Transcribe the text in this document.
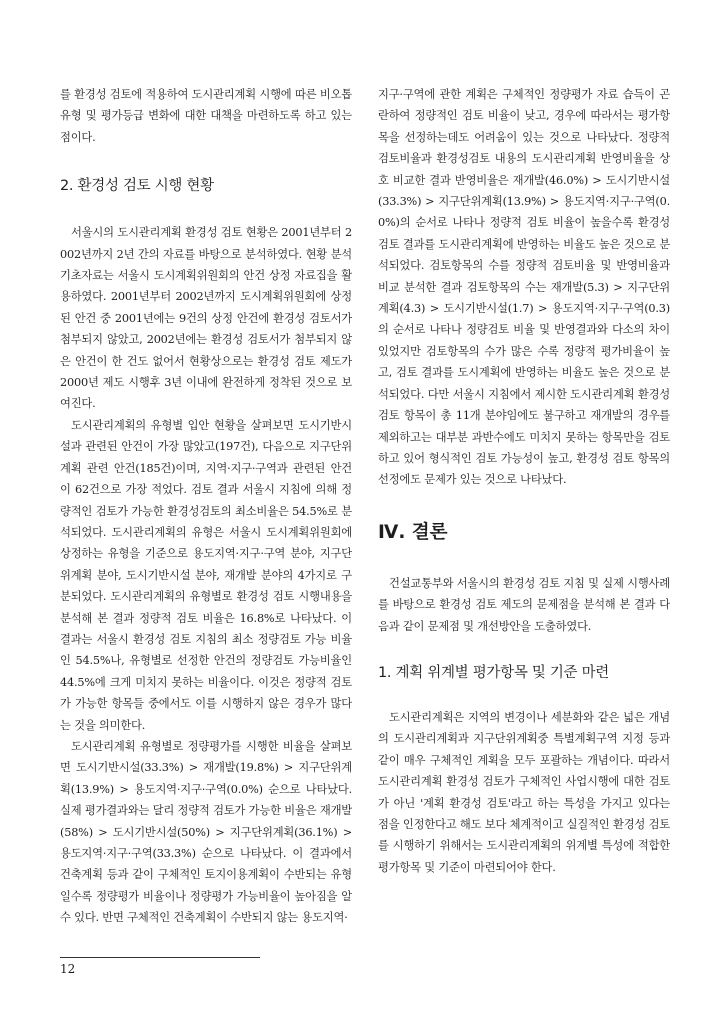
를 환경성 검토에 적용하여 도시관리계획 시행에 따른 비오톱 유형 및 평가등급 변화에 대한 대책을 마련하도록 하고 있는 점이다.

2. 환경성 검토 시행 현황

서울시의 도시관리계획 환경성 검토 현황은 2001년부터 2002년까지 2년 간의 자료를 바탕으로 분석하였다. 현황 분석 기초자료는 서울시 도시계획위원회의 안건 상정 자료집을 활용하였다. 2001년부터 2002년까지 도시계획위원회에 상정된 안건 중 2001년에는 9건의 상정 안건에 환경성 검토서가 첨부되지 않았고, 2002년에는 환경성 검토서가 첨부되지 않은 안건이 한 건도 없어서 현황상으로는 환경성 검토 제도가 2000년 제도 시행후 3년 이내에 완전하게 정착된 것으로 보여진다.

도시관리계획의 유형별 입안 현황을 살펴보면 도시기반시설과 관련된 안건이 가장 많았고(197건), 다음으로 지구단위계획 관련 안건(185건)이며, 지역·지구·구역과 관련된 안건이 62건으로 가장 적었다. 검토 결과 서울시 지침에 의해 정량적인 검토가 가능한 환경성검토의 최소비율은 54.5%로 분석되었다. 도시관리계획의 유형은 서울시 도시계획위원회에 상정하는 유형을 기준으로 용도지역·지구·구역 분야, 지구단위계획 분야, 도시기반시설 분야, 재개발 분야의 4가지로 구분되었다. 도시관리계획의 유형별로 환경성 검토 시행내용을 분석해 본 결과 정량적 검토 비율은 16.8%로 나타났다. 이 결과는 서울시 환경성 검토 지침의 최소 정량검토 가능 비율인 54.5%나, 유형별로 선정한 안건의 정량검토 가능비율인 44.5%에 크게 미치지 못하는 비율이다. 이것은 정량적 검토가 가능한 항목들 중에서도 이를 시행하지 않은 경우가 많다는 것을 의미한다.

도시관리계획 유형별로 정량평가를 시행한 비율을 살펴보면 도시기반시설(33.3%) > 재개발(19.8%) > 지구단위계획(13.9%) > 용도지역·지구·구역(0.0%) 순으로 나타났다. 실제 평가결과와는 달리 정량적 검토가 가능한 비율은 재개발(58%) > 도시기반시설(50%) > 지구단위계획(36.1%) > 용도지역·지구·구역(33.3%) 순으로 나타났다. 이 결과에서 건축계획 등과 같이 구체적인 토지이용계획이 수반되는 유형일수록 정량평가 비율이나 정량평가 가능비율이 높아짐을 알 수 있다. 반면 구체적인 건축계획이 수반되지 않는 용도지역·

지구·구역에 관한 계획은 구체적인 정량평가 자료 습득이 곤란하여 정량적인 검토 비율이 낮고, 경우에 따라서는 평가항목을 선정하는데도 어려움이 있는 것으로 나타났다. 정량적 검토비율과 환경성검토 내용의 도시관리계획 반영비율을 상호 비교한 결과 반영비율은 재개발(46.0%) > 도시기반시설(33.3%) > 지구단위계획(13.9%) > 용도지역·지구·구역(0.0%)의 순서로 나타나 정량적 검토 비율이 높을수록 환경성 검토 결과를 도시관리계획에 반영하는 비율도 높은 것으로 분석되었다. 검토항목의 수를 정량적 검토비율 및 반영비율과 비교 분석한 결과 검토항목의 수는 재개발(5.3) > 지구단위계획(4.3) > 도시기반시설(1.7) > 용도지역·지구·구역(0.3)의 순서로 나타나 정량검토 비율 및 반영결과와 다소의 차이 있었지만 검토항목의 수가 많은 수록 정량적 평가비율이 높고, 검토 결과를 도시계획에 반영하는 비율도 높은 것으로 분석되었다. 다만 서울시 지침에서 제시한 도시관리계획 환경성 검토 항목이 총 11개 분야임에도 불구하고 재개발의 경우를 제외하고는 대부분 과반수에도 미치지 못하는 항목만을 검토하고 있어 형식적인 검토 가능성이 높고, 환경성 검토 항목의 선정에도 문제가 있는 것으로 나타났다.

Ⅳ. 결론

건설교통부와 서울시의 환경성 검토 지침 및 실제 시행사례를 바탕으로 환경성 검토 제도의 문제점을 분석해 본 결과 다음과 같이 문제점 및 개선방안을 도출하였다.

1. 계획 위계별 평가항목 및 기준 마련

도시관리계획은 지역의 변경이나 세분화와 같은 넓은 개념의 도시관리계획과 지구단위계획중 특별계획구역 지정 등과 같이 매우 구체적인 계획을 모두 포괄하는 개념이다. 따라서 도시관리계획 환경성 검토가 구체적인 사업시행에 대한 검토가 아닌 '계획 환경성 검토'라고 하는 특성을 가지고 있다는 점을 인정한다고 해도 보다 체계적이고 실질적인 환경성 검토를 시행하기 위해서는 도시관리계획의 위계별 특성에 적합한 평가항목 및 기준이 마련되어야 한다.

12
